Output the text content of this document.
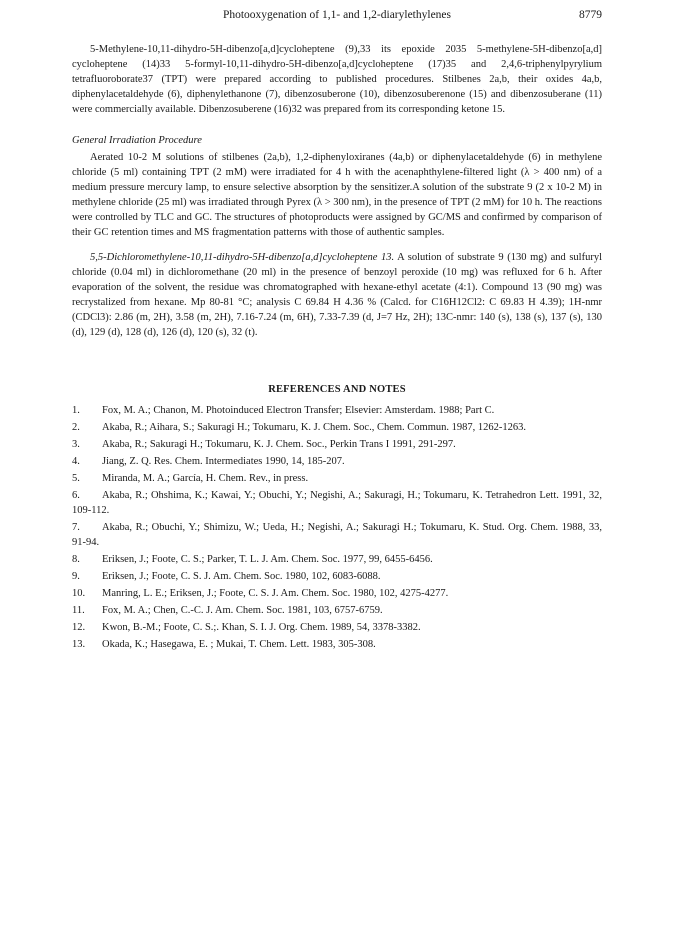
Photooxygenation of 1,1- and 1,2-diarylethylenes	8779

5-Methylene-10,11-dihydro-5H-dibenzo[a,d]cycloheptene (9),33 its epoxide 2035 5-methylene-5H-dibenzo[a,d] cycloheptene (14)33 5-formyl-10,11-dihydro-5H-dibenzo[a,d]cycloheptene (17)35 and 2,4,6-triphenylpyrylium tetrafluoroborate37 (TPT) were prepared according to published procedures. Stilbenes 2a,b, their oxides 4a,b, diphenylacetaldehyde (6), diphenylethanone (7), dibenzosuberone (10), dibenzosuberenone (15) and dibenzosuberane (11) were commercially available. Dibenzosuberene (16)32 was prepared from its corresponding ketone 15.

General Irradiation Procedure

Aerated 10-2 M solutions of stilbenes (2a,b), 1,2-diphenyloxiranes (4a,b) or diphenylacetaldehyde (6) in methylene chloride (5 ml) containing TPT (2 mM) were irradiated for 4 h with the acenaphthylene-filtered light (λ > 400 nm) of a medium pressure mercury lamp, to ensure selective absorption by the sensitizer.A solution of the substrate 9 (2 x 10-2 M) in methylene chloride (25 ml) was irradiated through Pyrex (λ > 300 nm), in the presence of TPT (2 mM) for 10 h. The reactions were controlled by TLC and GC. The structures of photoproducts were assigned by GC/MS and confirmed by comparison of their GC retention times and MS fragmentation patterns with those of authentic samples.

5,5-Dichloromethylene-10,11-dihydro-5H-dibenzo[a,d]cycloheptene 13. A solution of substrate 9 (130 mg) and sulfuryl chloride (0.04 ml) in dichloromethane (20 ml) in the presence of benzoyl peroxide (10 mg) was refluxed for 6 h. After evaporation of the solvent, the residue was chromatographed with hexane-ethyl acetate (4:1). Compound 13 (90 mg) was recrystalized from hexane. Mp 80-81 °C; analysis C 69.84 H 4.36 % (Calcd. for C16H12Cl2: C 69.83 H 4.39); 1H-nmr (CDCl3): 2.86 (m, 2H), 3.58 (m, 2H), 7.16-7.24 (m, 6H), 7.33-7.39 (d, J=7 Hz, 2H); 13C-nmr: 140 (s), 138 (s), 137 (s), 130 (d), 129 (d), 128 (d), 126 (d), 120 (s), 32 (t).

REFERENCES AND NOTES
1. Fox, M. A.; Chanon, M. Photoinduced Electron Transfer; Elsevier: Amsterdam. 1988; Part C.
2. Akaba, R.; Aihara, S.; Sakuragi H.; Tokumaru, K. J. Chem. Soc., Chem. Commun. 1987, 1262-1263.
3. Akaba, R.; Sakuragi H.; Tokumaru, K. J. Chem. Soc., Perkin Trans I 1991, 291-297.
4. Jiang, Z. Q. Res. Chem. Intermediates 1990, 14, 185-207.
5. Miranda, M. A.; García, H. Chem. Rev., in press.
6. Akaba, R.; Ohshima, K.; Kawai, Y.; Obuchi, Y.; Negishi, A.; Sakuragi, H.; Tokumaru, K. Tetrahedron Lett. 1991, 32, 109-112.
7. Akaba, R.; Obuchi, Y.; Shimizu, W.; Ueda, H.; Negishi, A.; Sakuragi H.; Tokumaru, K. Stud. Org. Chem. 1988, 33, 91-94.
8. Eriksen, J.; Foote, C. S.; Parker, T. L. J. Am. Chem. Soc. 1977, 99, 6455-6456.
9. Eriksen, J.; Foote, C. S. J. Am. Chem. Soc. 1980, 102, 6083-6088.
10. Manring, L. E.; Eriksen, J.; Foote, C. S. J. Am. Chem. Soc. 1980, 102, 4275-4277.
11. Fox, M. A.; Chen, C.-C. J. Am. Chem. Soc. 1981, 103, 6757-6759.
12. Kwon, B.-M.; Foote, C. S.;. Khan, S. I. J. Org. Chem. 1989, 54, 3378-3382.
13. Okada, K.; Hasegawa, E. ; Mukai, T. Chem. Lett. 1983, 305-308.
